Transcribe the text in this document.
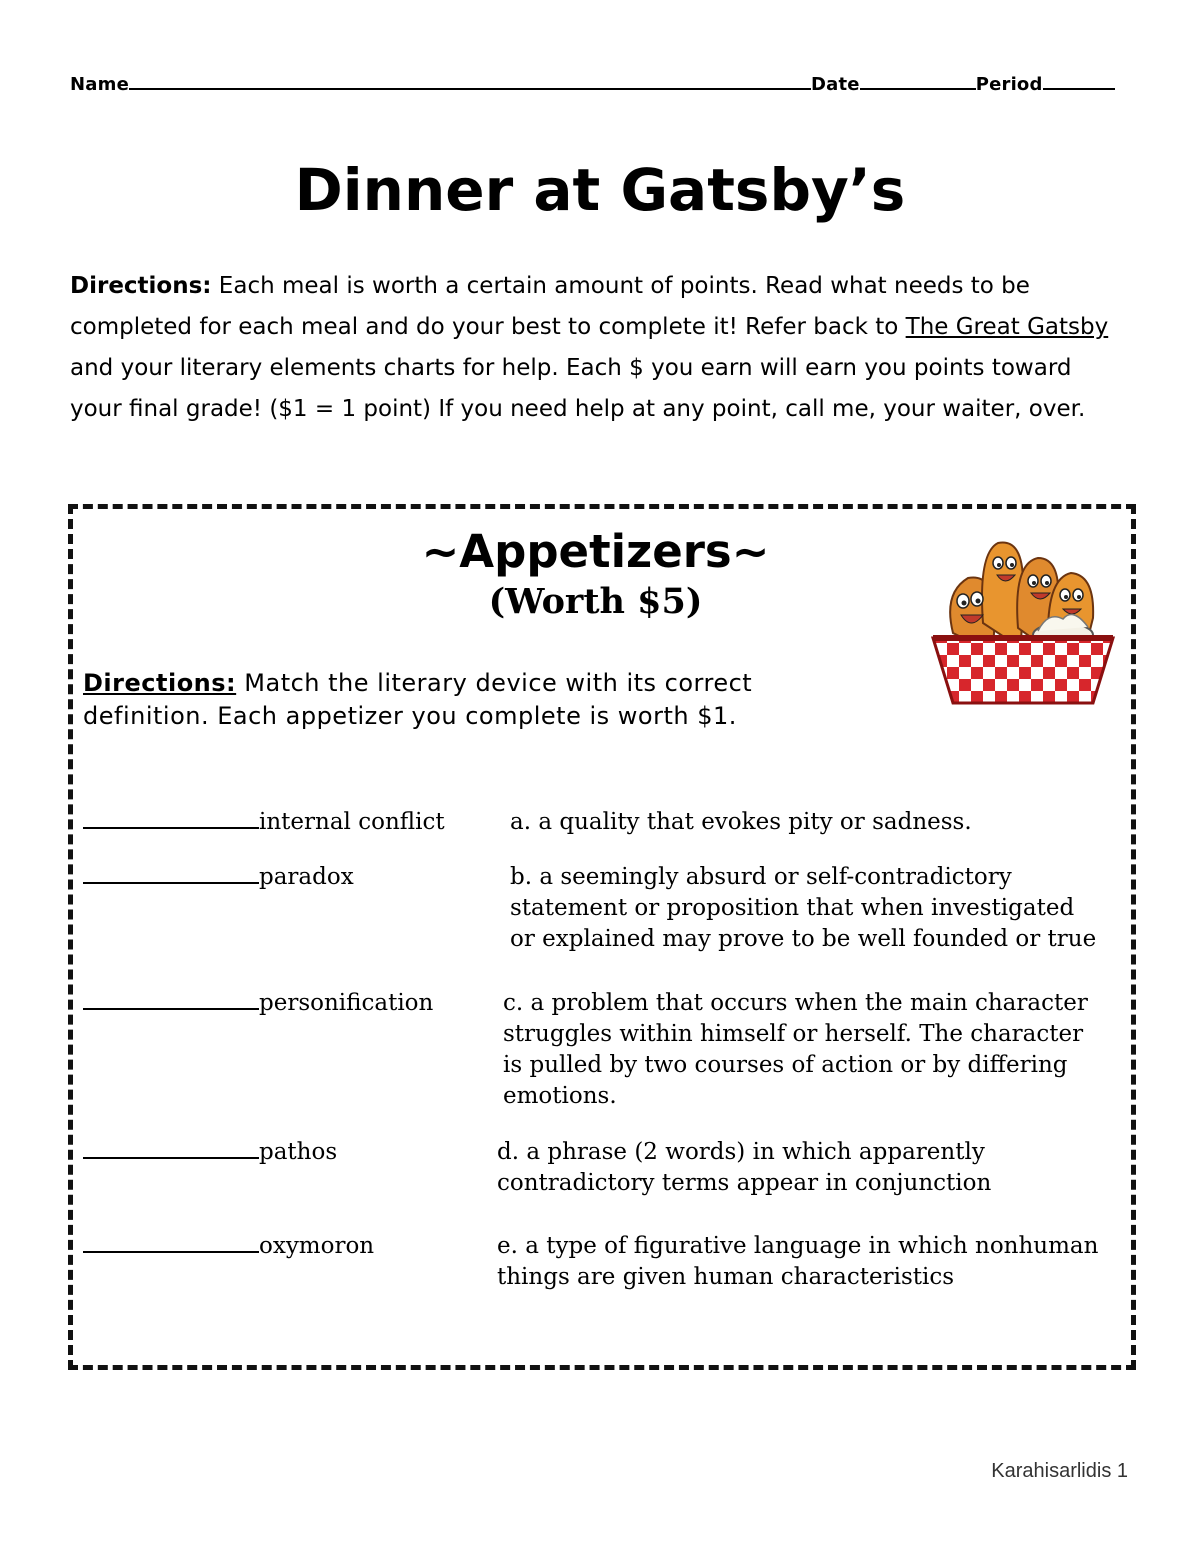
Name	Date	Period
Dinner at Gatsby’s
Directions: Each meal is worth a certain amount of points. Read what needs to be completed for each meal and do your best to complete it! Refer back to The Great Gatsby and your literary elements charts for help. Each $ you earn will earn you points toward your final grade! ($1 = 1 point) If you need help at any point, call me, your waiter, over.
~Appetizers~
(Worth $5)
Directions: Match the literary device with its correct definition. Each appetizer you complete is worth $1.
internal conflict	a. a quality that evokes pity or sadness.
paradox	b. a seemingly absurd or self-contradictory
statement or proposition that when investigated
or explained may prove to be well founded or true
personification	c. a problem that occurs when the main character
struggles within himself or herself. The character
is pulled by two courses of action or by differing
emotions.
pathos	d. a phrase (2 words) in which apparently
contradictory terms appear in conjunction
oxymoron	e. a type of figurative language in which nonhuman
things are given human characteristics
Karahisarlidis 1
